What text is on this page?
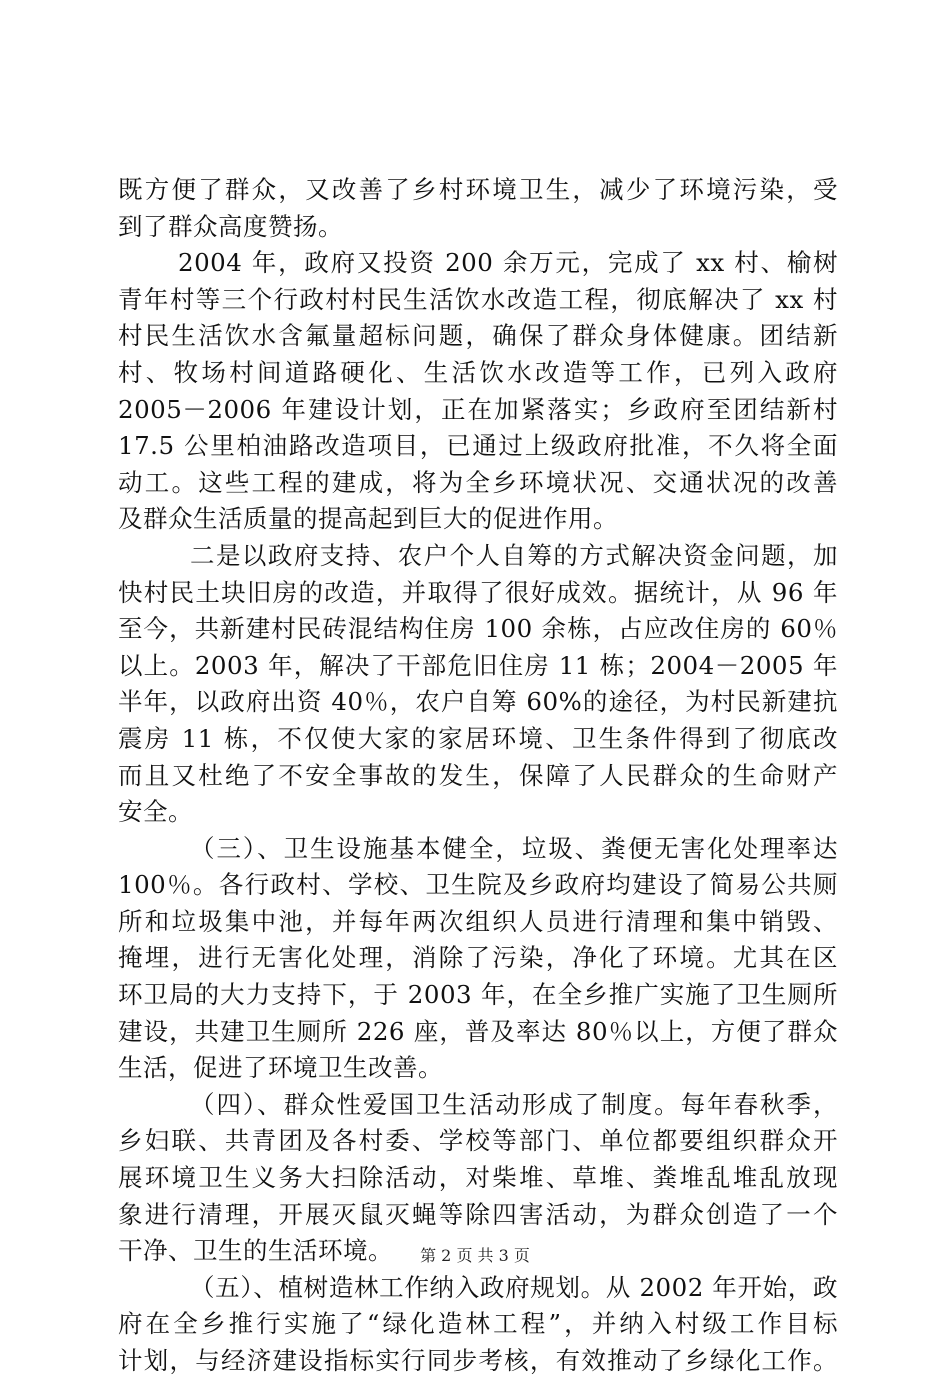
既方便了群众，又改善了乡村环境卫生，减少了环境污染，受
到了群众高度赞扬。
2004 年，政府又投资 200 余万元，完成了 xx 村、榆树
青年村等三个行政村村民生活饮水改造工程，彻底解决了 xx 村
村民生活饮水含氟量超标问题，确保了群众身体健康。团结新
村、牧场村间道路硬化、生活饮水改造等工作，已列入政府
2005－2006 年建设计划，正在加紧落实；乡政府至团结新村
17.5 公里柏油路改造项目，已通过上级政府批准，不久将全面
动工。这些工程的建成，将为全乡环境状况、交通状况的改善
及群众生活质量的提高起到巨大的促进作用。
二是以政府支持、农户个人自筹的方式解决资金问题，加
快村民土块旧房的改造，并取得了很好成效。据统计，从 96 年
至今，共新建村民砖混结构住房 100 余栋，占应改住房的 60％
以上。2003 年，解决了干部危旧住房 11 栋；2004－2005 年
半年，以政府出资 40％，农户自筹 60%的途径，为村民新建抗
震房 11 栋，不仅使大家的家居环境、卫生条件得到了彻底改
而且又杜绝了不安全事故的发生，保障了人民群众的生命财产
安全。
（三）、卫生设施基本健全，垃圾、粪便无害化处理率达
100％。各行政村、学校、卫生院及乡政府均建设了简易公共厕
所和垃圾集中池，并每年两次组织人员进行清理和集中销毁、
掩埋，进行无害化处理，消除了污染，净化了环境。尤其在区
环卫局的大力支持下，于 2003 年，在全乡推广实施了卫生厕所
建设，共建卫生厕所 226 座，普及率达 80％以上，方便了群众
生活，促进了环境卫生改善。
（四）、群众性爱国卫生活动形成了制度。每年春秋季，
乡妇联、共青团及各村委、学校等部门、单位都要组织群众开
展环境卫生义务大扫除活动，对柴堆、草堆、粪堆乱堆乱放现
象进行清理，开展灭鼠灭蝇等除四害活动，为群众创造了一个
干净、卫生的生活环境。
（五）、植树造林工作纳入政府规划。从 2002 年开始，政
府在全乡推行实施了“绿化造林工程”，并纳入村级工作目标
计划，与经济建设指标实行同步考核，有效推动了乡绿化工作。
第 2 页 共 3 页
